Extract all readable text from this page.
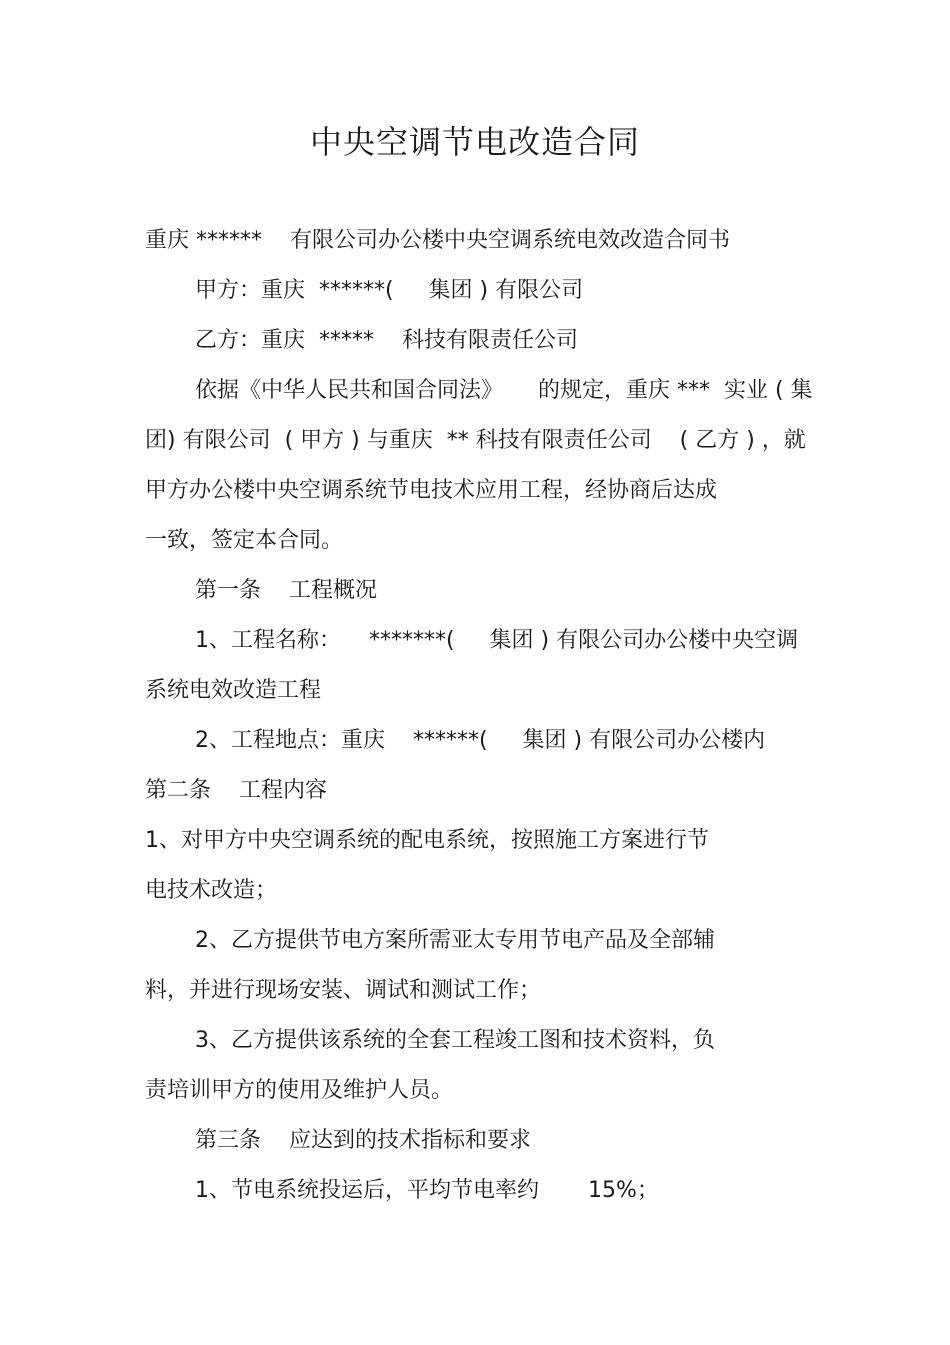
中央空调节电改造合同
重庆 ******    有限公司办公楼中央空调系统电效改造合同书
甲方：重庆  ******(     集团 ) 有限公司
乙方：重庆  *****    科技有限责任公司
依据《中华人民共和国合同法》     的规定，重庆 ***  实业 ( 集
团) 有限公司  ( 甲方 ) 与重庆  ** 科技有限责任公司    ( 乙方 ) ，就
甲方办公楼中央空调系统节电技术应用工程，经协商后达成
一致，签定本合同。
第一条    工程概况
1、工程名称：    *******(     集团 ) 有限公司办公楼中央空调
系统电效改造工程
2、工程地点：重庆    ******(     集团 ) 有限公司办公楼内
第二条    工程内容
1、对甲方中央空调系统的配电系统，按照施工方案进行节
电技术改造；
2、乙方提供节电方案所需亚太专用节电产品及全部辅
料，并进行现场安装、调试和测试工作；
3、乙方提供该系统的全套工程竣工图和技术资料，负
责培训甲方的使用及维护人员。
第三条    应达到的技术指标和要求
1、节电系统投运后，平均节电率约       15%；
